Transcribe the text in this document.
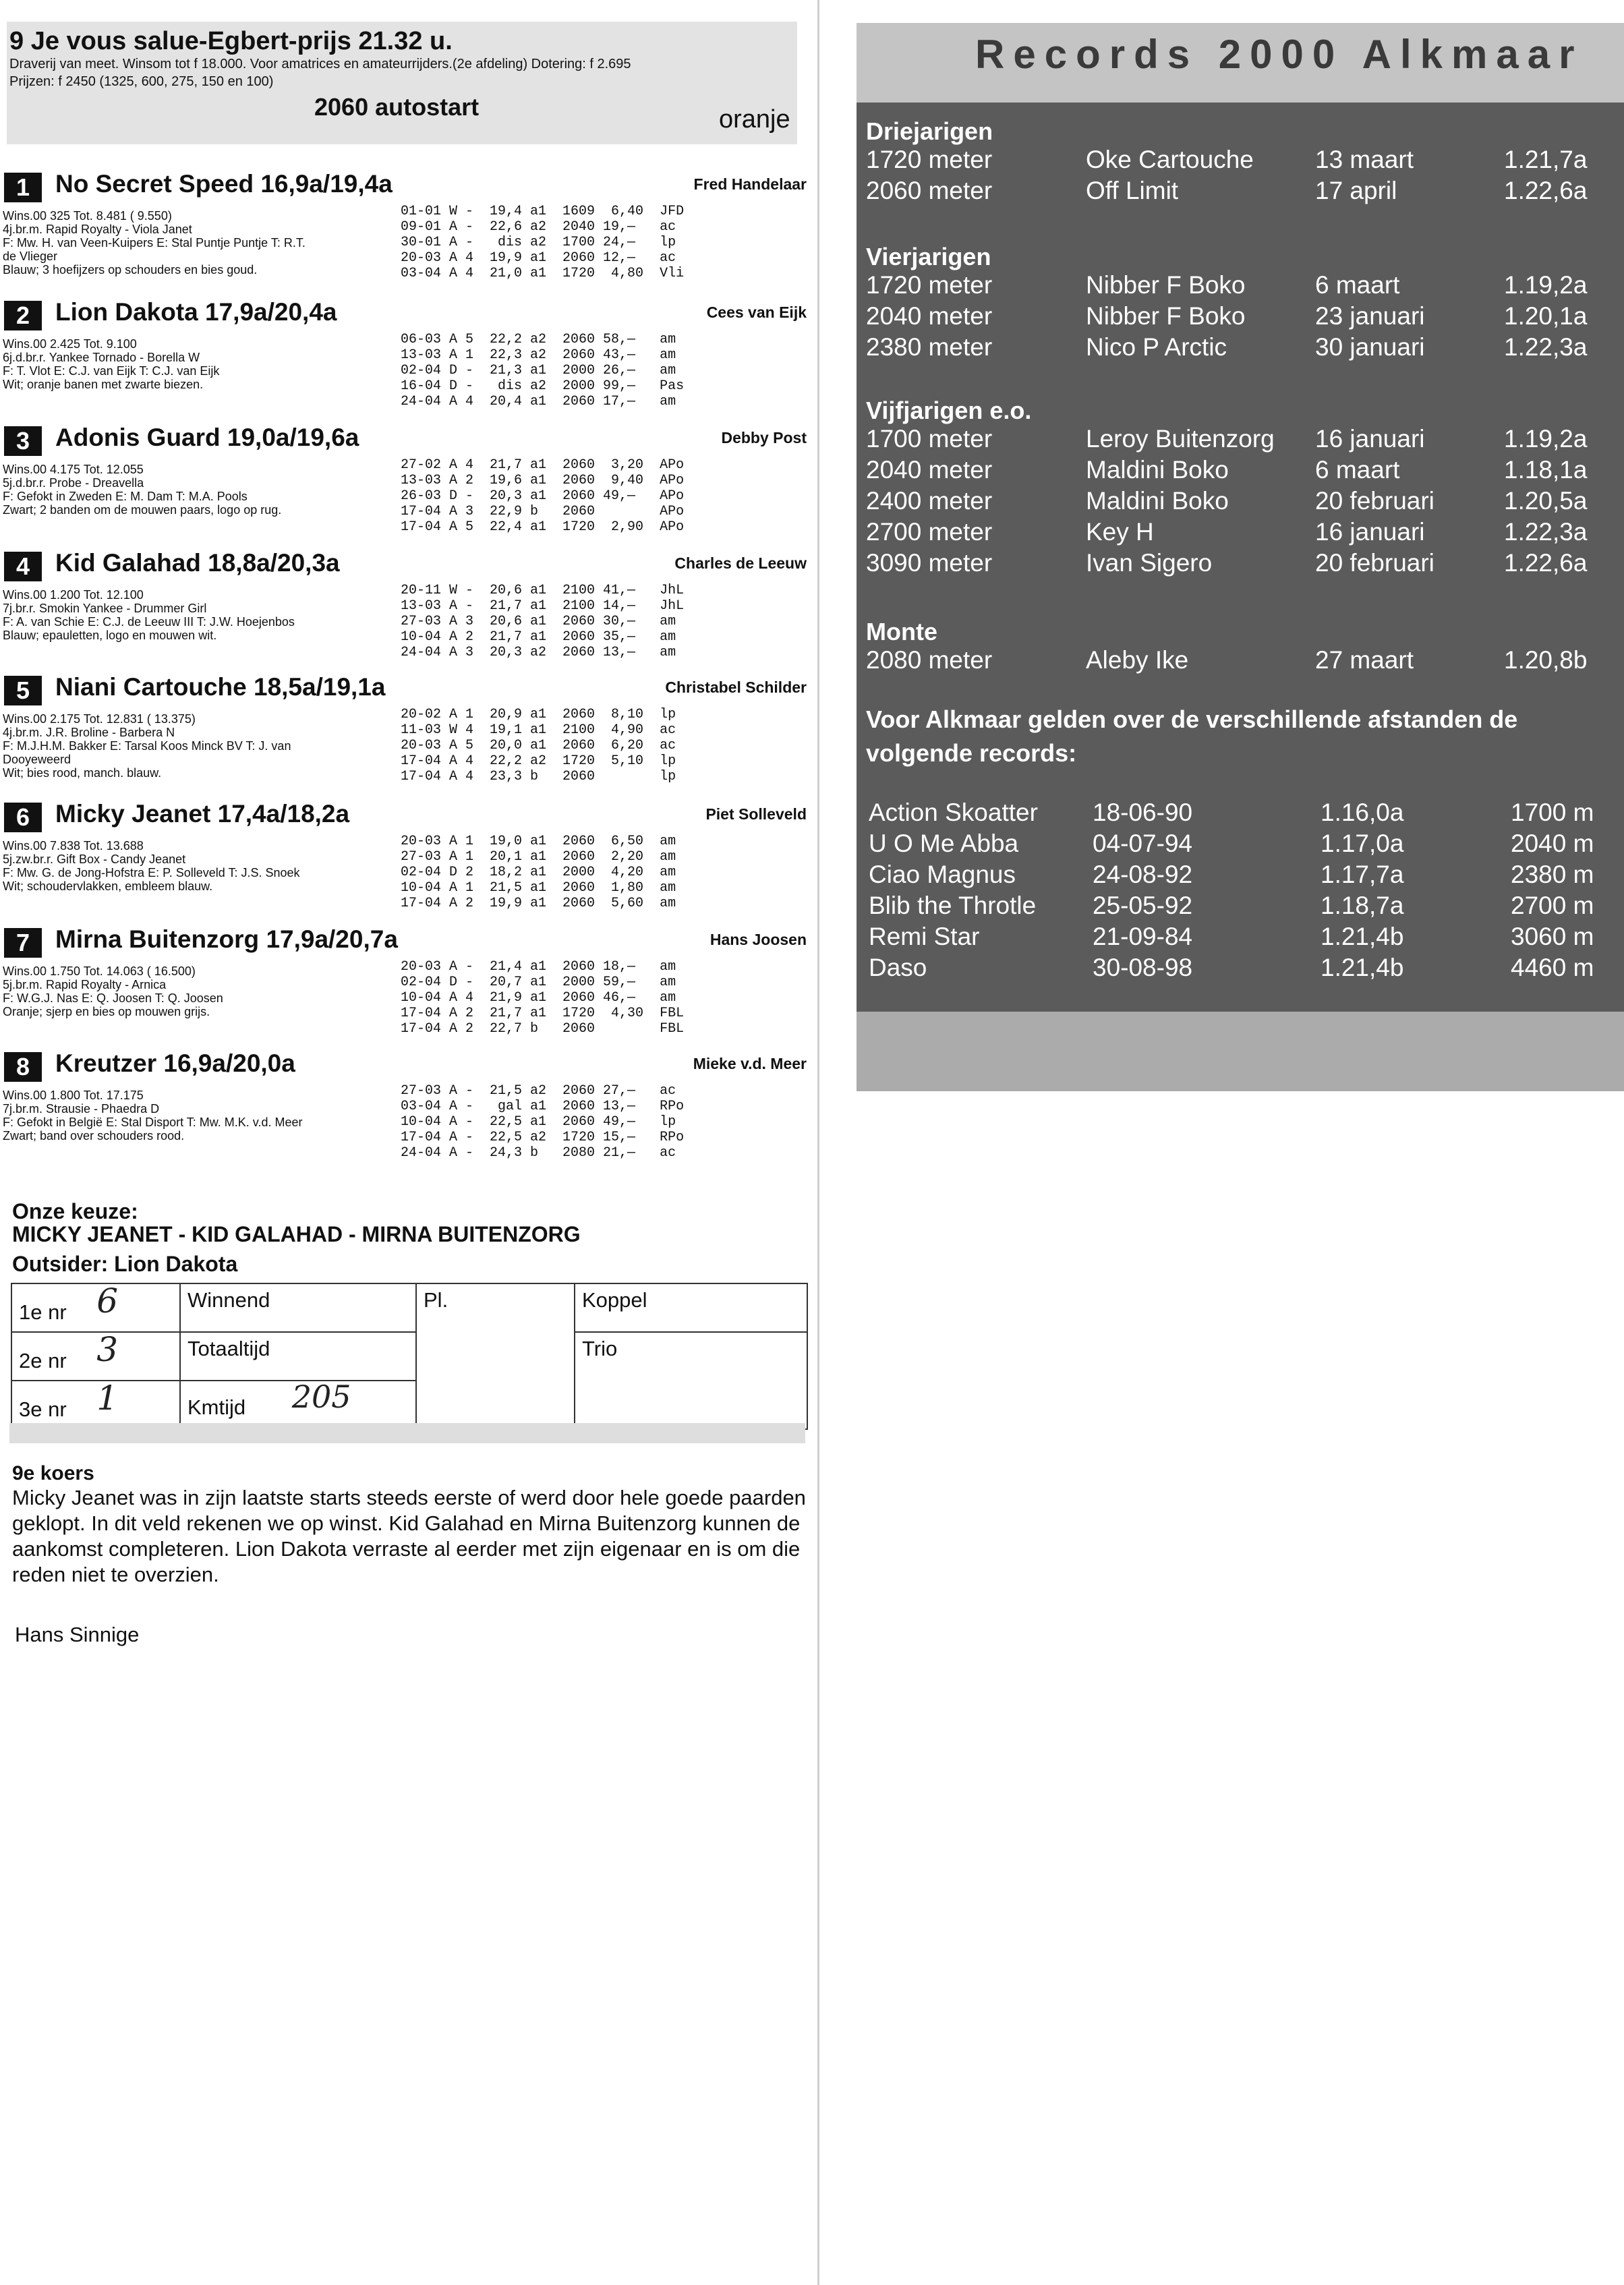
9 Je vous salue-Egbert-prijs 21.32 u.
Draverij van meet. Winsom tot f 18.000. Voor amatrices en amateurrijders.(2e afdeling) Dotering: f 2.695
Prijzen: f 2450 (1325, 600, 275, 150 en 100)
2060 autostart	oranje
1	No Secret Speed 16,9a/19,4a	Fred Handelaar
Wins.00 325 Tot. 8.481 ( 9.550)
4j.br.m. Rapid Royalty - Viola Janet
F: Mw. H. van Veen-Kuipers E: Stal Puntje Puntje T: R.T.
de Vlieger
Blauw; 3 hoefijzers op schouders en bies goud.
01-01 W -  19,4 a1  1609  6,40  JFD
09-01 A -  22,6 a2  2040 19,—   ac
30-01 A -   dis a2  1700 24,—   lp
20-03 A 4  19,9 a1  2060 12,—   ac
03-04 A 4  21,0 a1  1720  4,80  Vli
2	Lion Dakota 17,9a/20,4a	Cees van Eijk
Wins.00 2.425 Tot. 9.100
6j.d.br.r. Yankee Tornado - Borella W
F: T. Vlot E: C.J. van Eijk T: C.J. van Eijk
Wit; oranje banen met zwarte biezen.
06-03 A 5  22,2 a2  2060 58,—   am
13-03 A 1  22,3 a2  2060 43,—   am
02-04 D -  21,3 a1  2000 26,—   am
16-04 D -   dis a2  2000 99,—   Pas
24-04 A 4  20,4 a1  2060 17,—   am
3	Adonis Guard 19,0a/19,6a	Debby Post
Wins.00 4.175 Tot. 12.055
5j.d.br.r. Probe - Dreavella
F: Gefokt in Zweden E: M. Dam T: M.A. Pools
Zwart; 2 banden om de mouwen paars, logo op rug.
27-02 A 4  21,7 a1  2060  3,20  APo
13-03 A 2  19,6 a1  2060  9,40  APo
26-03 D -  20,3 a1  2060 49,—   APo
17-04 A 3  22,9 b   2060        APo
17-04 A 5  22,4 a1  1720  2,90  APo
4	Kid Galahad 18,8a/20,3a	Charles de Leeuw
Wins.00 1.200 Tot. 12.100
7j.br.r. Smokin Yankee - Drummer Girl
F: A. van Schie E: C.J. de Leeuw III T: J.W. Hoejenbos
Blauw; epauletten, logo en mouwen wit.
20-11 W -  20,6 a1  2100 41,—   JhL
13-03 A -  21,7 a1  2100 14,—   JhL
27-03 A 3  20,6 a1  2060 30,—   am
10-04 A 2  21,7 a1  2060 35,—   am
24-04 A 3  20,3 a2  2060 13,—   am
5	Niani Cartouche 18,5a/19,1a	Christabel Schilder
Wins.00 2.175 Tot. 12.831 ( 13.375)
4j.br.m. J.R. Broline - Barbera N
F: M.J.H.M. Bakker E: Tarsal Koos Minck BV T: J. van
Dooyeweerd
Wit; bies rood, manch. blauw.
20-02 A 1  20,9 a1  2060  8,10  lp
11-03 W 4  19,1 a1  2100  4,90  ac
20-03 A 5  20,0 a1  2060  6,20  ac
17-04 A 4  22,2 a2  1720  5,10  lp
17-04 A 4  23,3 b   2060        lp
6	Micky Jeanet 17,4a/18,2a	Piet Solleveld
Wins.00 7.838 Tot. 13.688
5j.zw.br.r. Gift Box - Candy Jeanet
F: Mw. G. de Jong-Hofstra E: P. Solleveld T: J.S. Snoek
Wit; schoudervlakken, embleem blauw.
20-03 A 1  19,0 a1  2060  6,50  am
27-03 A 1  20,1 a1  2060  2,20  am
02-04 D 2  18,2 a1  2000  4,20  am
10-04 A 1  21,5 a1  2060  1,80  am
17-04 A 2  19,9 a1  2060  5,60  am
7	Mirna Buitenzorg 17,9a/20,7a	Hans Joosen
Wins.00 1.750 Tot. 14.063 ( 16.500)
5j.br.m. Rapid Royalty - Arnica
F: W.G.J. Nas E: Q. Joosen T: Q. Joosen
Oranje; sjerp en bies op mouwen grijs.
20-03 A -  21,4 a1  2060 18,—   am
02-04 D -  20,7 a1  2000 59,—   am
10-04 A 4  21,9 a1  2060 46,—   am
17-04 A 2  21,7 a1  1720  4,30  FBL
17-04 A 2  22,7 b   2060        FBL
8	Kreutzer 16,9a/20,0a	Mieke v.d. Meer
Wins.00 1.800 Tot. 17.175
7j.br.m. Strausie - Phaedra D
F: Gefokt in België E: Stal Disport T: Mw. M.K. v.d. Meer
Zwart; band over schouders rood.
27-03 A -  21,5 a2  2060 27,—   ac
03-04 A -   gal a1  2060 13,—   RPo
10-04 A -  22,5 a1  2060 49,—   lp
17-04 A -  22,5 a2  1720 15,—   RPo
24-04 A -  24,3 b   2080 21,—   ac
Onze keuze:
MICKY JEANET - KID GALAHAD - MIRNA BUITENZORG
Outsider: Lion Dakota
1e nr 6	Winnend	Pl.	Koppel
2e nr 3	Totaaltijd		Trio
3e nr 1	Kmtijd 205		
9e koers
Micky Jeanet was in zijn laatste starts steeds eerste of werd door hele goede paarden geklopt. In dit veld rekenen we op winst. Kid Galahad en Mirna Buitenzorg kunnen de aankomst completeren. Lion Dakota verraste al eerder met zijn eigenaar en is om die reden niet te overzien.
Hans Sinnige
Records 2000 Alkmaar
Driejarigen
1720 meter	Oke Cartouche 13 maart	1.21,7a
2060 meter	Off Limit	17 april	1.22,6a
Vierjarigen
1720 meter	Nibber F Boko	6 maart	1.19,2a
2040 meter	Nibber F Boko	23 januari	1.20,1a
2380 meter	Nico P Arctic	30 januari	1.22,3a
Vijfjarigen e.o.
1700 meter	Leroy Buitenzorg 16 januari	1.19,2a
2040 meter	Maldini Boko	6 maart	1.18,1a
2400 meter	Maldini Boko	20 februari	1.20,5a
2700 meter	Key H	16 januari	1.22,3a
3090 meter	Ivan Sigero	20 februari	1.22,6a
Monte
2080 meter	Aleby Ike	27 maart	1.20,8b
Voor Alkmaar gelden over de verschillende afstanden de volgende records:
Action Skoatter 18-06-90	1.16,0a	1700 m
U O Me Abba	04-07-94	1.17,0a	2040 m
Ciao Magnus	24-08-92	1.17,7a	2380 m
Blib the Throtle 25-05-92	1.18,7a	2700 m
Remi Star	21-09-84	1.21,4b	3060 m
Daso	30-08-98	1.21,4b	4460 m
